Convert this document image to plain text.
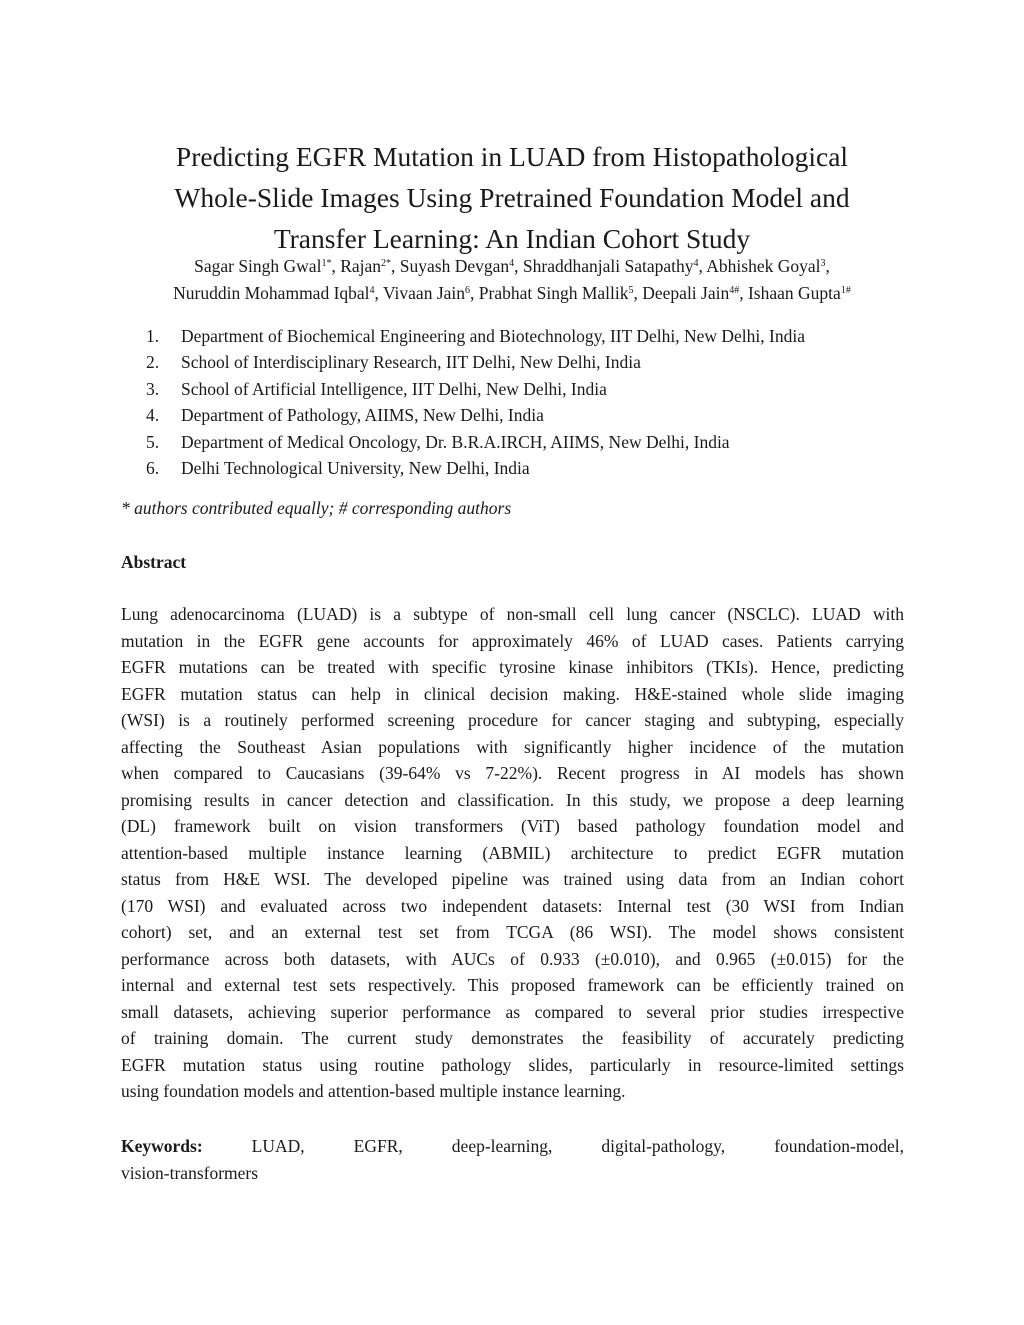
Predicting EGFR Mutation in LUAD from Histopathological
Whole-Slide Images Using Pretrained Foundation Model and
Transfer Learning: An Indian Cohort Study
Sagar Singh Gwal$^{1*}$, Rajan$^{2*}$, Suyash Devgan$^4$, Shraddhanjali Satapathy$^4$, Abhishek Goyal$^3$,
Nuruddin Mohammad Iqbal$^4$, Vivaan Jain$^6$, Prabhat Singh Mallik$^5$, Deepali Jain$^{4\#}$, Ishaan Gupta$^{1\#}$
1. Department of Biochemical Engineering and Biotechnology, IIT Delhi, New Delhi, India
2. School of Interdisciplinary Research, IIT Delhi, New Delhi, India
3. School of Artificial Intelligence, IIT Delhi, New Delhi, India
4. Department of Pathology, AIIMS, New Delhi, India
5. Department of Medical Oncology, Dr. B.R.A.IRCH, AIIMS, New Delhi, India
6. Delhi Technological University, New Delhi, India
* authors contributed equally; # corresponding authors
Abstract
Lung adenocarcinoma (LUAD) is a subtype of non-small cell lung cancer (NSCLC). LUAD with
mutation in the EGFR gene accounts for approximately 46% of LUAD cases. Patients carrying
EGFR mutations can be treated with specific tyrosine kinase inhibitors (TKIs). Hence, predicting
EGFR mutation status can help in clinical decision making. H&E-stained whole slide imaging
(WSI) is a routinely performed screening procedure for cancer staging and subtyping, especially
affecting the Southeast Asian populations with significantly higher incidence of the mutation
when compared to Caucasians (39-64% vs 7-22%). Recent progress in AI models has shown
promising results in cancer detection and classification. In this study, we propose a deep learning
(DL) framework built on vision transformers (ViT) based pathology foundation model and
attention-based multiple instance learning (ABMIL) architecture to predict EGFR mutation
status from H&E WSI. The developed pipeline was trained using data from an Indian cohort
(170 WSI) and evaluated across two independent datasets: Internal test (30 WSI from Indian
cohort) set, and an external test set from TCGA (86 WSI). The model shows consistent
performance across both datasets, with AUCs of 0.933 (±0.010), and 0.965 (±0.015) for the
internal and external test sets respectively. This proposed framework can be efficiently trained on
small datasets, achieving superior performance as compared to several prior studies irrespective
of training domain. The current study demonstrates the feasibility of accurately predicting
EGFR mutation status using routine pathology slides, particularly in resource-limited settings
using foundation models and attention-based multiple instance learning.
Keywords:	LUAD,	EGFR,	deep-learning,	digital-pathology,	foundation-model,
vision-transformers
